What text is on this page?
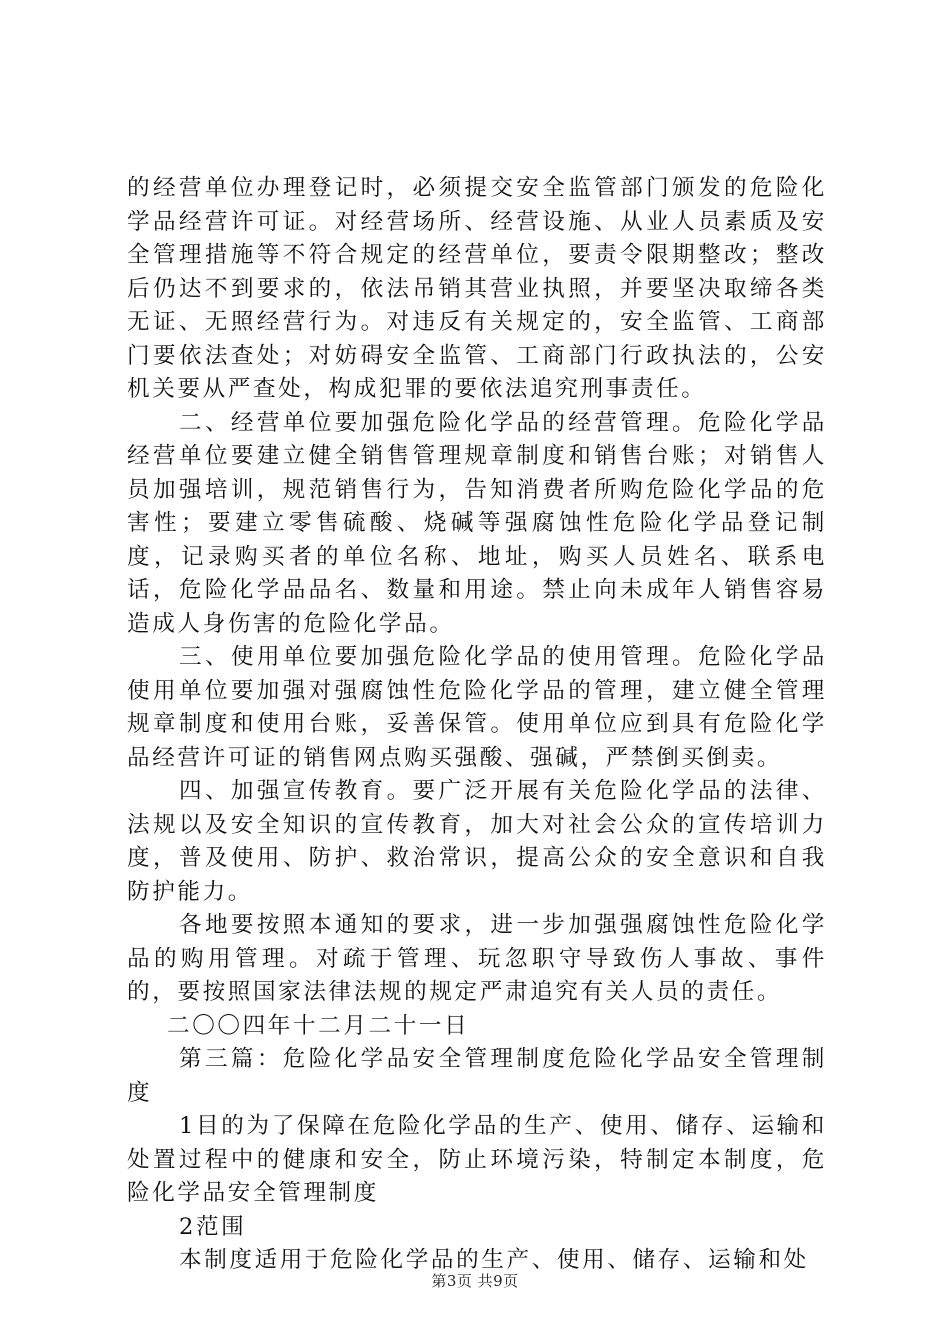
的经营单位办理登记时，必须提交安全监管部门颁发的危险化学品经营许可证。对经营场所、经营设施、从业人员素质及安全管理措施等不符合规定的经营单位，要责令限期整改；整改后仍达不到要求的，依法吊销其营业执照，并要坚决取缔各类无证、无照经营行为。对违反有关规定的，安全监管、工商部门要依法查处；对妨碍安全监管、工商部门行政执法的，公安机关要从严查处，构成犯罪的要依法追究刑事责任。

二、经营单位要加强危险化学品的经营管理。危险化学品经营单位要建立健全销售管理规章制度和销售台账；对销售人员加强培训，规范销售行为，告知消费者所购危险化学品的危害性；要建立零售硫酸、烧碱等强腐蚀性危险化学品登记制度，记录购买者的单位名称、地址，购买人员姓名、联系电话，危险化学品品名、数量和用途。禁止向未成年人销售容易造成人身伤害的危险化学品。

三、使用单位要加强危险化学品的使用管理。危险化学品使用单位要加强对强腐蚀性危险化学品的管理，建立健全管理规章制度和使用台账，妥善保管。使用单位应到具有危险化学品经营许可证的销售网点购买强酸、强碱，严禁倒买倒卖。

四、加强宣传教育。要广泛开展有关危险化学品的法律、法规以及安全知识的宣传教育，加大对社会公众的宣传培训力度，普及使用、防护、救治常识，提高公众的安全意识和自我防护能力。

各地要按照本通知的要求，进一步加强强腐蚀性危险化学品的购用管理。对疏于管理、玩忽职守导致伤人事故、事件的，要按照国家法律法规的规定严肃追究有关人员的责任。

二〇〇四年十二月二十一日

第三篇：危险化学品安全管理制度危险化学品安全管理制度

1目的为了保障在危险化学品的生产、使用、储存、运输和处置过程中的健康和安全，防止环境污染，特制定本制度，危险化学品安全管理制度

2范围

本制度适用于危险化学品的生产、使用、储存、运输和处

第3页 共9页
